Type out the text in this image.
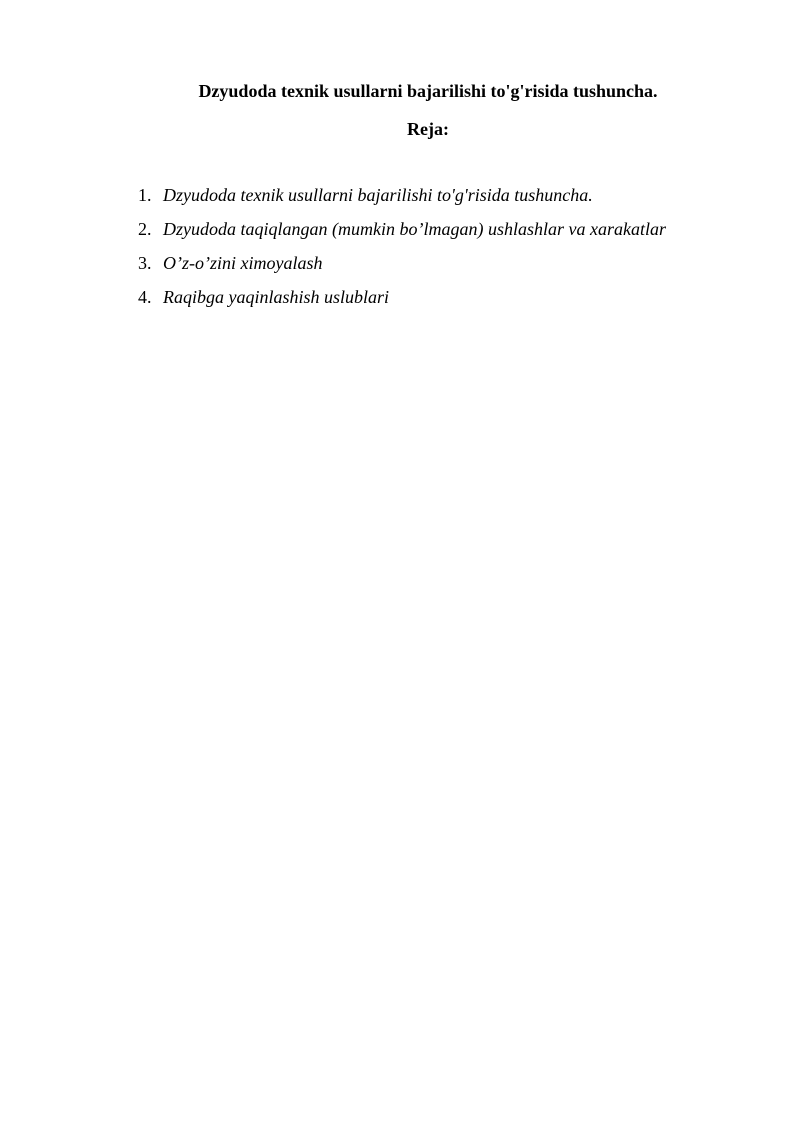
Dzyudoda texnik usullarni bajarilishi to'g'risida tushuncha.
Reja:
1. Dzyudoda texnik usullarni bajarilishi to'g'risida tushuncha.
2. Dzyudoda taqiqlangan (mumkin bo’lmagan) ushlashlar va xarakatlar
3. O’z-o’zini ximoyalash
4. Raqibga yaqinlashish uslublari
